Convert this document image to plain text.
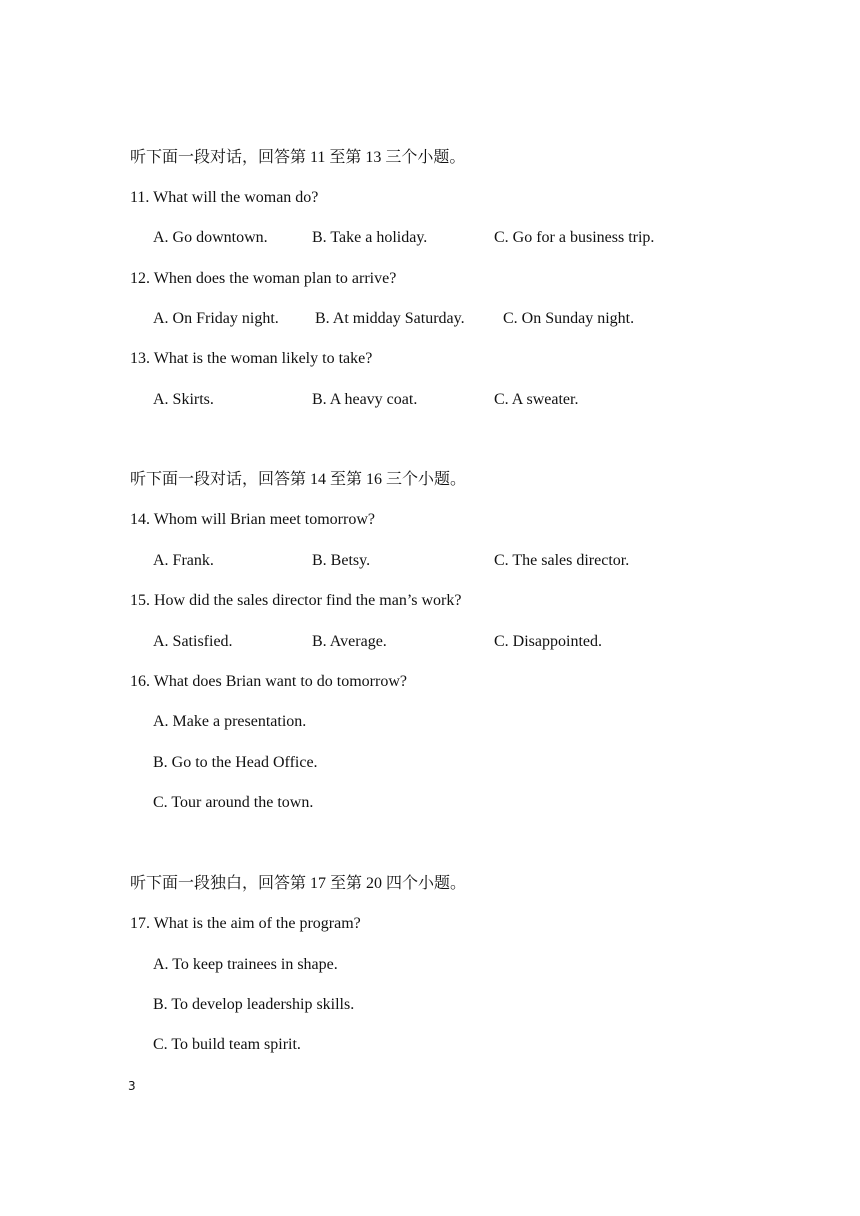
听下面一段对话，回答第 11 至第 13 三个小题。
11. What will the woman do?
A. Go downtown.	B. Take a holiday.	C. Go for a business trip.
12. When does the woman plan to arrive?
A. On Friday night. B. At midday Saturday. C. On Sunday night.
13. What is the woman likely to take?
A. Skirts.	B. A heavy coat.	C. A sweater.
听下面一段对话，回答第 14 至第 16 三个小题。
14. Whom will Brian meet tomorrow?
A. Frank.	B. Betsy.	C. The sales director.
15. How did the sales director find the man’s work?
A. Satisfied.	B. Average.	C. Disappointed.
16. What does Brian want to do tomorrow?
A. Make a presentation.
B. Go to the Head Office.
C. Tour around the town.
听下面一段独白，回答第 17 至第 20 四个小题。
17. What is the aim of the program?
A. To keep trainees in shape.
B. To develop leadership skills.
C. To build team spirit.
3
